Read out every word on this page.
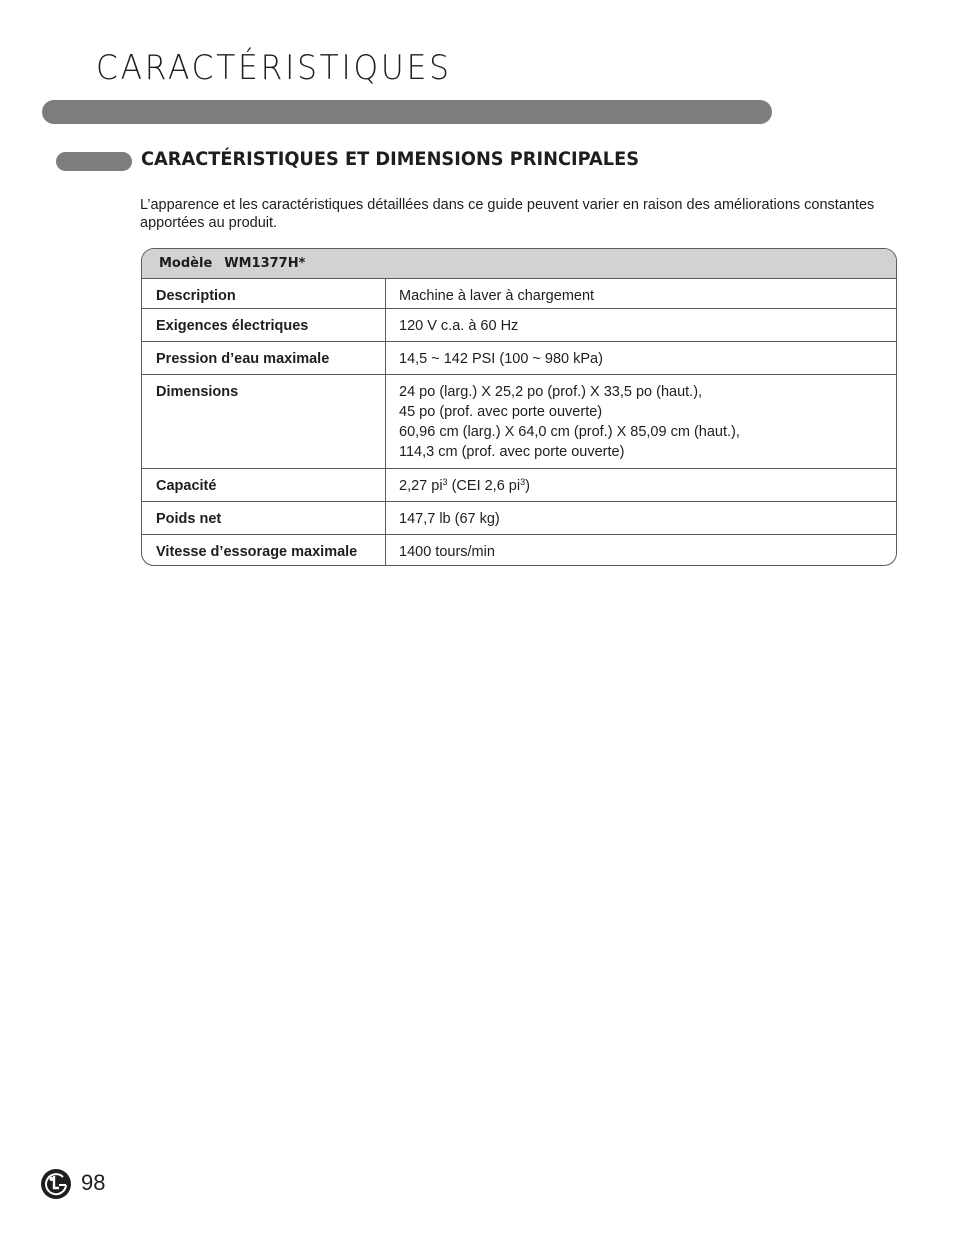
CARACTÉRISTIQUES
CARACTÉRISTIQUES ET DIMENSIONS PRINCIPALES

L’apparence et les caractéristiques détaillées dans ce guide peuvent varier en raison des améliorations constantes apportées au produit.

Modèle WM1377H*
Description	Machine à laver à chargement
Exigences électriques	120 V c.a. à 60 Hz
Pression d’eau maximale	14,5 ~ 142 PSI (100 ~ 980 kPa)
Dimensions	24 po (larg.) X 25,2 po (prof.) X 33,5 po (haut.),
45 po (prof. avec porte ouverte)
60,96 cm (larg.) X 64,0 cm (prof.) X 85,09 cm (haut.),
114,3 cm (prof. avec porte ouverte)
Capacité	2,27 $pi^3$ (CEI 2,6 $pi^3$)
Poids net	147,7 lb (67 kg)
Vitesse d’essorage maximale	1400 tours/min
98
